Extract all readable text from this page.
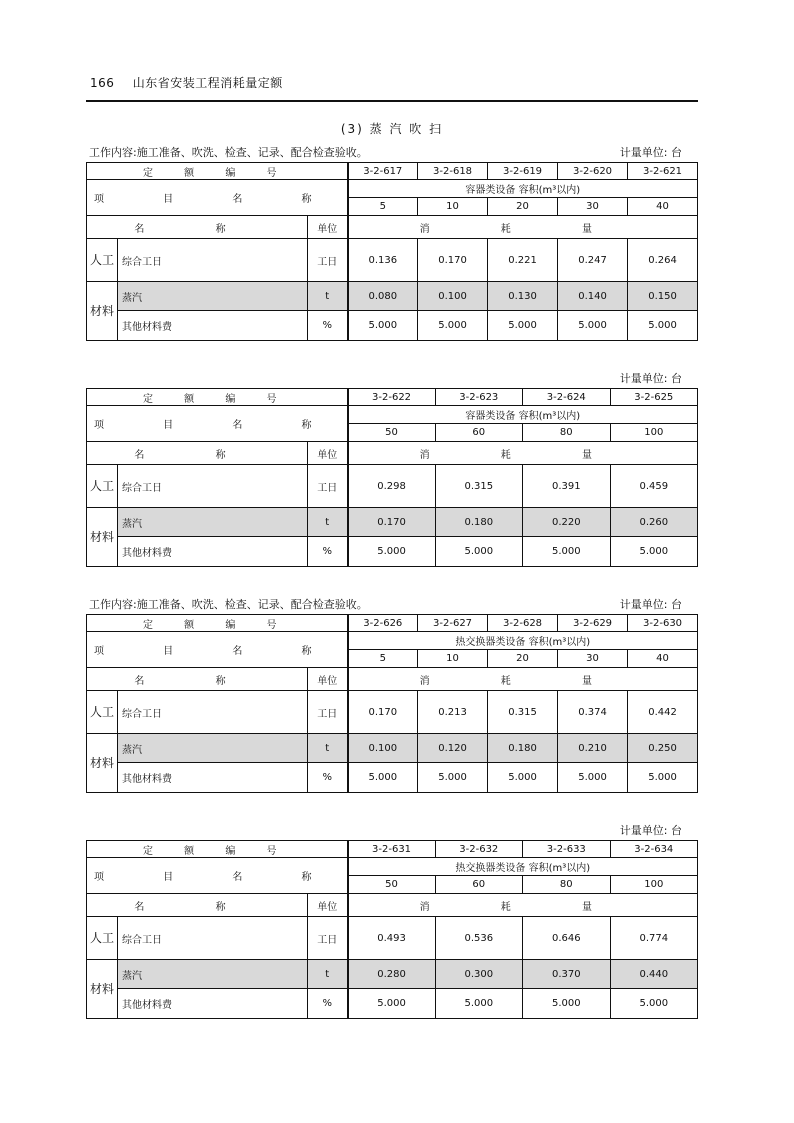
166 山东省安装工程消耗量定额
(3) 蒸 汽 吹 扫
工作内容:施工准备、吹洗、检查、记录、配合检查验收。	计量单位: 台
定 额 编 号			3-2-617	3-2-618	3-2-619	3-2-620	3-2-621
项 目 名 称			容器类设备 容积(m³以内)				
			5	10	20	30	40
名 称		单位	消 耗 量				
人工	综合工日	工日	0.136	0.170	0.221	0.247	0.264
材料	蒸汽	t	0.080	0.100	0.130	0.140	0.150
	其他材料费	%	5.000	5.000	5.000	5.000	5.000
计量单位: 台
定 额 编 号			3-2-622	3-2-623	3-2-624	3-2-625
项 目 名 称			容器类设备 容积(m³以内)			
			50	60	80	100
名 称		单位	消 耗 量			
人工	综合工日	工日	0.298	0.315	0.391	0.459
材料	蒸汽	t	0.170	0.180	0.220	0.260
	其他材料费	%	5.000	5.000	5.000	5.000
工作内容:施工准备、吹洗、检查、记录、配合检查验收。	计量单位: 台
定 额 编 号			3-2-626	3-2-627	3-2-628	3-2-629	3-2-630
项 目 名 称			热交换器类设备 容积(m³以内)				
			5	10	20	30	40
名 称		单位	消 耗 量				
人工	综合工日	工日	0.170	0.213	0.315	0.374	0.442
材料	蒸汽	t	0.100	0.120	0.180	0.210	0.250
	其他材料费	%	5.000	5.000	5.000	5.000	5.000
计量单位: 台
定 额 编 号			3-2-631	3-2-632	3-2-633	3-2-634
项 目 名 称			热交换器类设备 容积(m³以内)			
			50	60	80	100
名 称		单位	消 耗 量			
人工	综合工日	工日	0.493	0.536	0.646	0.774
材料	蒸汽	t	0.280	0.300	0.370	0.440
	其他材料费	%	5.000	5.000	5.000	5.000
